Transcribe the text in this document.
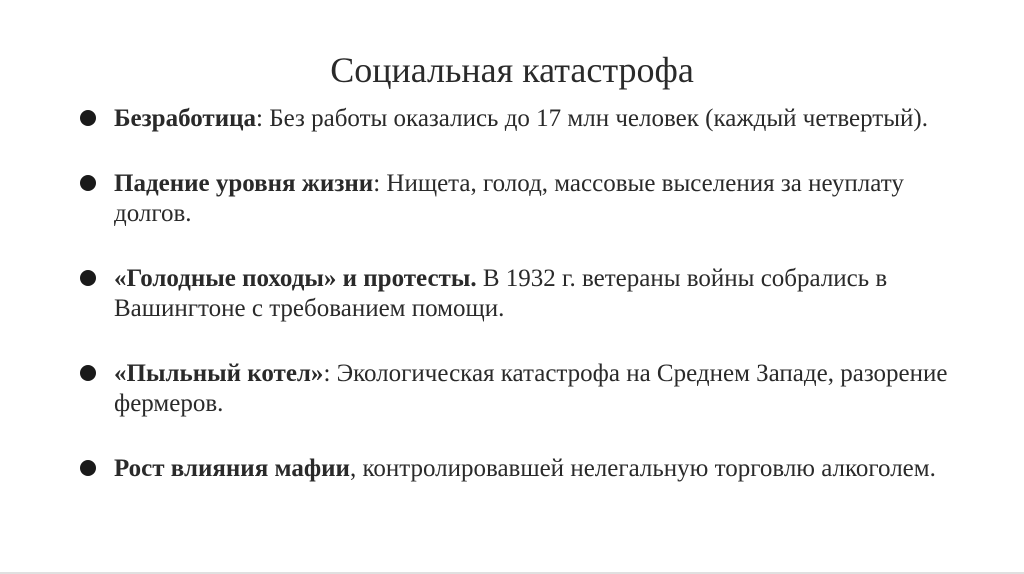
Социальная катастрофа
Безработица: Без работы оказались до 17 млн человек (каждый четвертый).
Падение уровня жизни: Нищета, голод, массовые выселения за неуплату долгов.
«Голодные походы» и протесты. В 1932 г. ветераны войны собрались в Вашингтоне с требованием помощи.
«Пыльный котел»: Экологическая катастрофа на Среднем Западе, разорение фермеров.
Рост влияния мафии, контролировавшей нелегальную торговлю алкоголем.
